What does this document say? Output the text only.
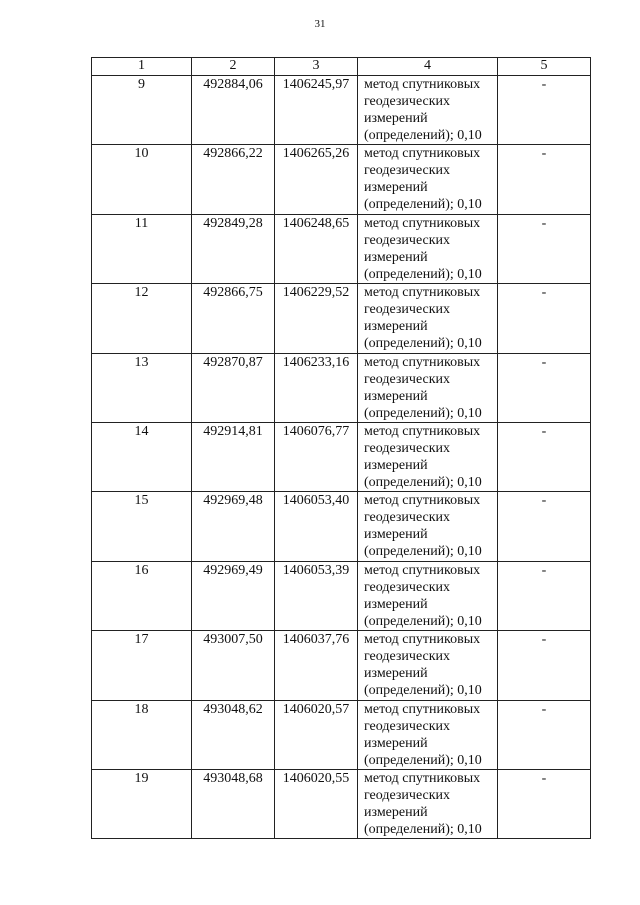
31
1	2	3	4	5
9	492884,06	1406245,97	метод спутниковых
геодезических
измерений
(определений); 0,10	-
10	492866,22	1406265,26	метод спутниковых
геодезических
измерений
(определений); 0,10	-
11	492849,28	1406248,65	метод спутниковых
геодезических
измерений
(определений); 0,10	-
12	492866,75	1406229,52	метод спутниковых
геодезических
измерений
(определений); 0,10	-
13	492870,87	1406233,16	метод спутниковых
геодезических
измерений
(определений); 0,10	-
14	492914,81	1406076,77	метод спутниковых
геодезических
измерений
(определений); 0,10	-
15	492969,48	1406053,40	метод спутниковых
геодезических
измерений
(определений); 0,10	-
16	492969,49	1406053,39	метод спутниковых
геодезических
измерений
(определений); 0,10	-
17	493007,50	1406037,76	метод спутниковых
геодезических
измерений
(определений); 0,10	-
18	493048,62	1406020,57	метод спутниковых
геодезических
измерений
(определений); 0,10	-
19	493048,68	1406020,55	метод спутниковых
геодезических
измерений
(определений); 0,10	-
